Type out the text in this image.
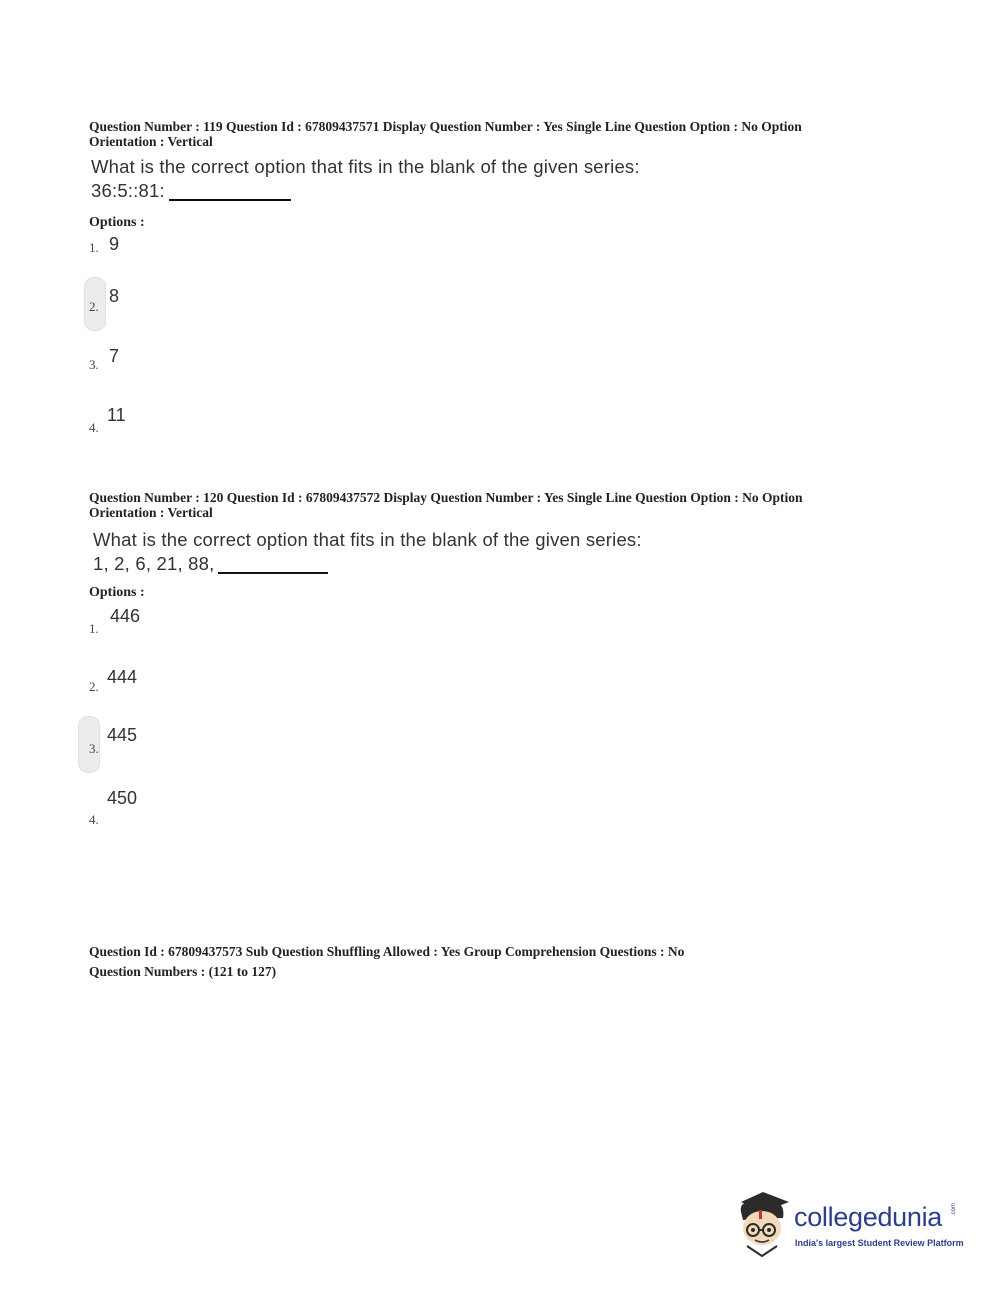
Question Number : 119 Question Id : 67809437571 Display Question Number : Yes Single Line Question Option : No Option
Orientation : Vertical
What is the correct option that fits in the blank of the given series:
36:5::81:
Options :
1. 9
2.
8
3. 7
4.
11
Question Number : 120 Question Id : 67809437572 Display Question Number : Yes Single Line Question Option : No Option
Orientation : Vertical
What is the correct option that fits in the blank of the given series:
1, 2, 6, 21, 88,
Options :
1.
446
2. 444
3.
445
4.
450
Question Id : 67809437573 Sub Question Shuffling Allowed : Yes Group Comprehension Questions : No
Question Numbers : (121 to 127)
collegedunia .com
India's largest Student Review Platform
